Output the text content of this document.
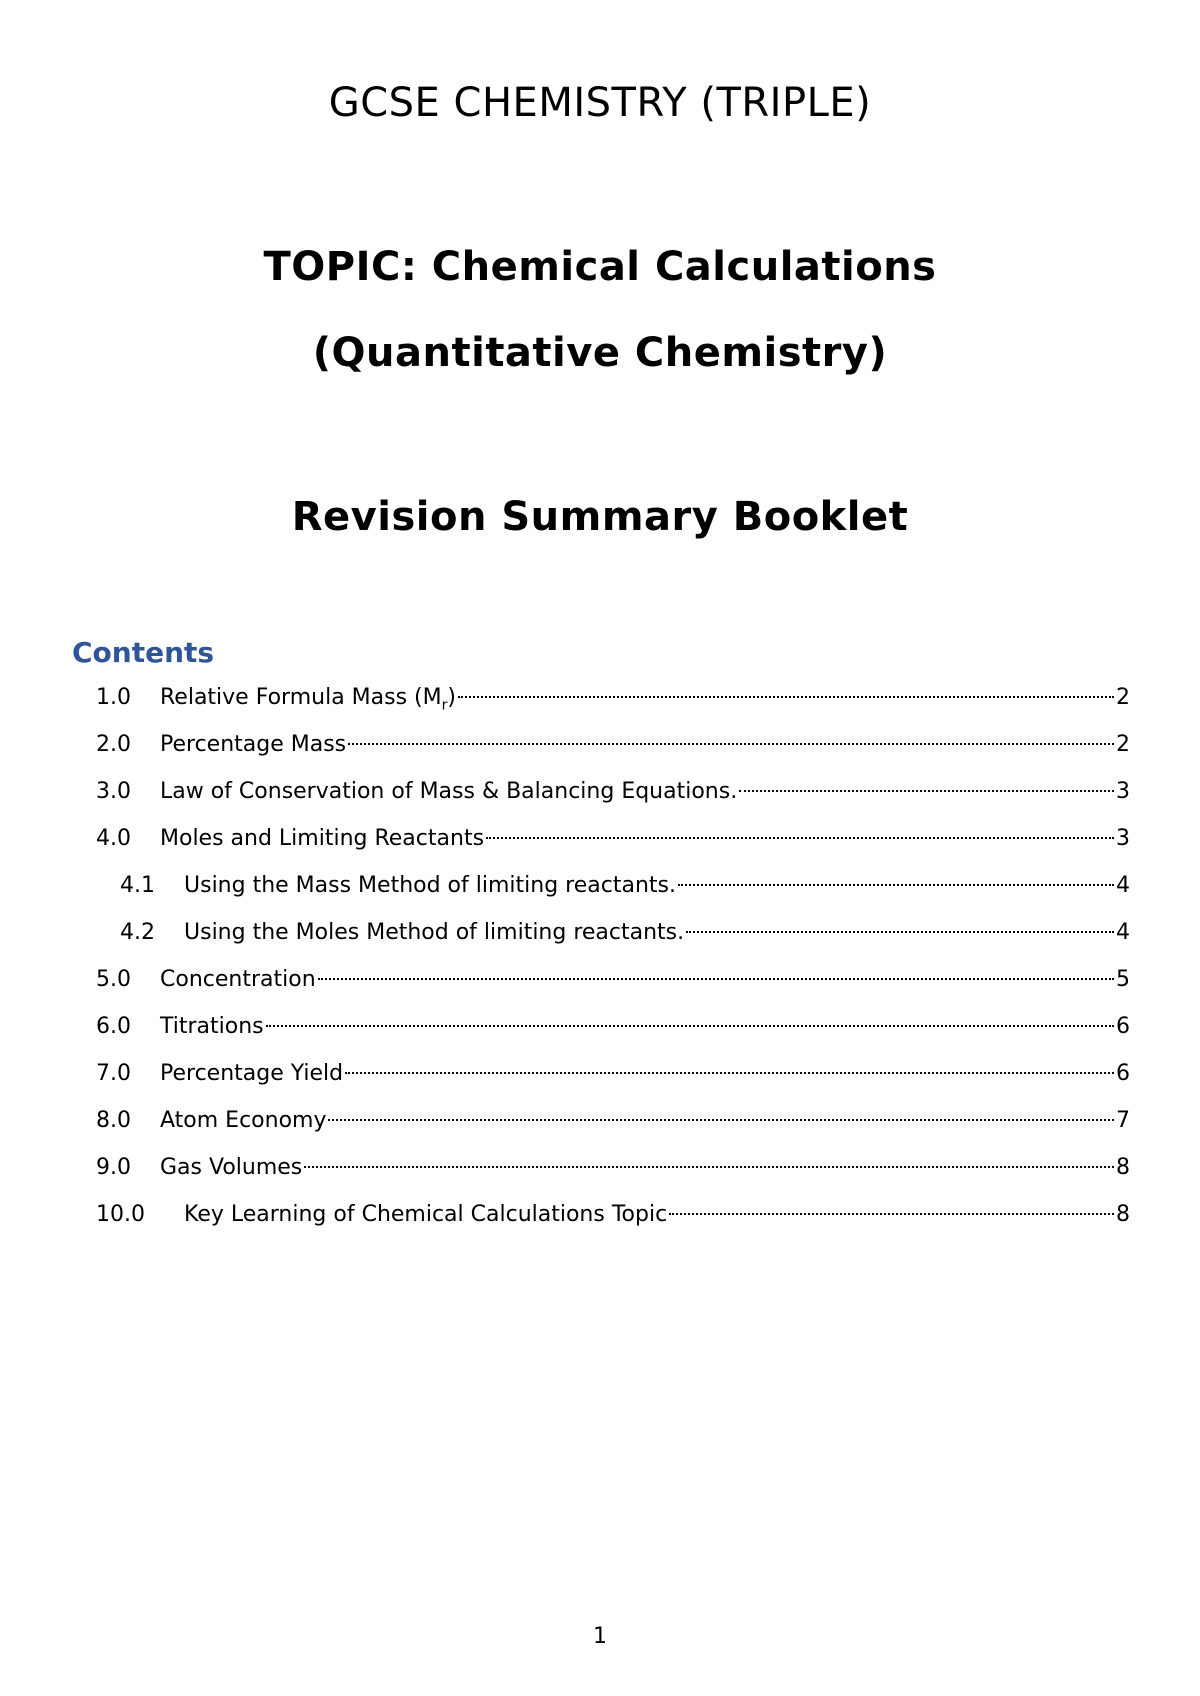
GCSE CHEMISTRY (TRIPLE)
TOPIC: Chemical Calculations
(Quantitative Chemistry)
Revision Summary Booklet
Contents
1.0	Relative Formula Mass $(M_r)$	2
2.0	Percentage Mass	2
3.0	Law of Conservation of Mass & Balancing Equations.	3
4.0	Moles and Limiting Reactants	3
4.1	Using the Mass Method of limiting reactants.	4
4.2	Using the Moles Method of limiting reactants.	4
5.0	Concentration	5
6.0	Titrations	6
7.0	Percentage Yield	6
8.0	Atom Economy	7
9.0	Gas Volumes	8
10.0	Key Learning of Chemical Calculations Topic	8
1
